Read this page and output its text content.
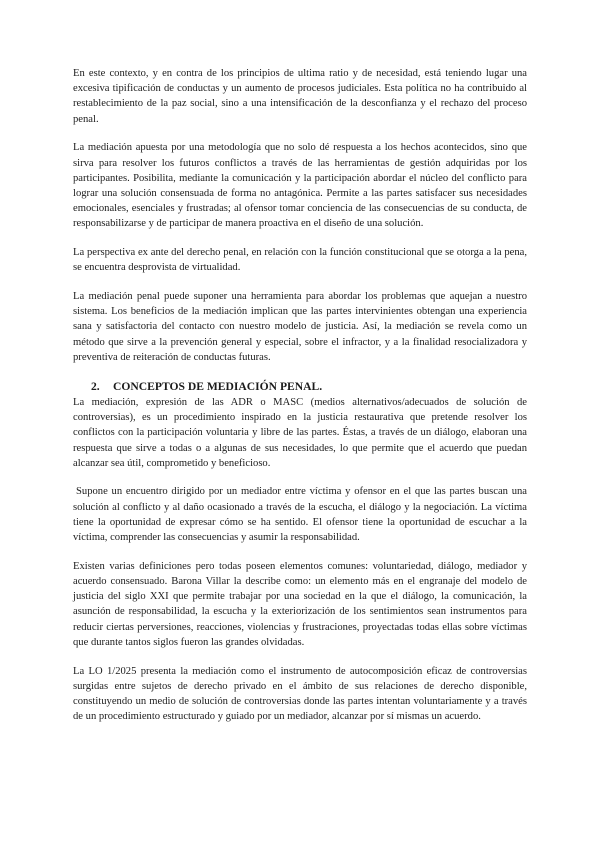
En este contexto, y en contra de los principios de ultima ratio y de necesidad, está teniendo lugar una excesiva tipificación de conductas y un aumento de procesos judiciales. Esta política no ha contribuido al restablecimiento de la paz social, sino a una intensificación de la desconfianza y el rechazo del proceso penal.

La mediación apuesta por una metodología que no solo dé respuesta a los hechos acontecidos, sino que sirva para resolver los futuros conflictos a través de las herramientas de gestión adquiridas por los participantes. Posibilita, mediante la comunicación y la participación abordar el núcleo del conflicto para lograr una solución consensuada de forma no antagónica. Permite a las partes satisfacer sus necesidades emocionales, esenciales y frustradas; al ofensor tomar conciencia de las consecuencias de su conducta, de responsabilizarse y de participar de manera proactiva en el diseño de una solución.

La perspectiva ex ante del derecho penal, en relación con la función constitucional que se otorga a la pena, se encuentra desprovista de virtualidad.

La mediación penal puede suponer una herramienta para abordar los problemas que aquejan a nuestro sistema. Los beneficios de la mediación implican que las partes intervinientes obtengan una experiencia sana y satisfactoria del contacto con nuestro modelo de justicia. Así, la mediación se revela como un método que sirve a la prevención general y especial, sobre el infractor, y a la finalidad resocializadora y preventiva de reiteración de conductas futuras.

2. CONCEPTOS DE MEDIACIÓN PENAL.

La mediación, expresión de las ADR o MASC (medios alternativos/adecuados de solución de controversias), es un procedimiento inspirado en la justicia restaurativa que pretende resolver los conflictos con la participación voluntaria y libre de las partes. Éstas, a través de un diálogo, elaboran una respuesta que sirve a todas o a algunas de sus necesidades, lo que permite que el acuerdo que puedan alcanzar sea útil, comprometido y beneficioso.

Supone un encuentro dirigido por un mediador entre víctima y ofensor en el que las partes buscan una solución al conflicto y al daño ocasionado a través de la escucha, el diálogo y la negociación. La víctima tiene la oportunidad de expresar cómo se ha sentido. El ofensor tiene la oportunidad de escuchar a la víctima, comprender las consecuencias y asumir la responsabilidad.

Existen varias definiciones pero todas poseen elementos comunes: voluntariedad, diálogo, mediador y acuerdo consensuado. Barona Villar la describe como: un elemento más en el engranaje del modelo de justicia del siglo XXI que permite trabajar por una sociedad en la que el diálogo, la comunicación, la asunción de responsabilidad, la escucha y la exteriorización de los sentimientos sean instrumentos para reducir ciertas perversiones, reacciones, violencias y frustraciones, proyectadas todas ellas sobre víctimas que durante tantos siglos fueron las grandes olvidadas.

La LO 1/2025 presenta la mediación como el instrumento de autocomposición eficaz de controversias surgidas entre sujetos de derecho privado en el ámbito de sus relaciones de derecho disponible, constituyendo un medio de solución de controversias donde las partes intentan voluntariamente y a través de un procedimiento estructurado y guiado por un mediador, alcanzar por sí mismas un acuerdo.
